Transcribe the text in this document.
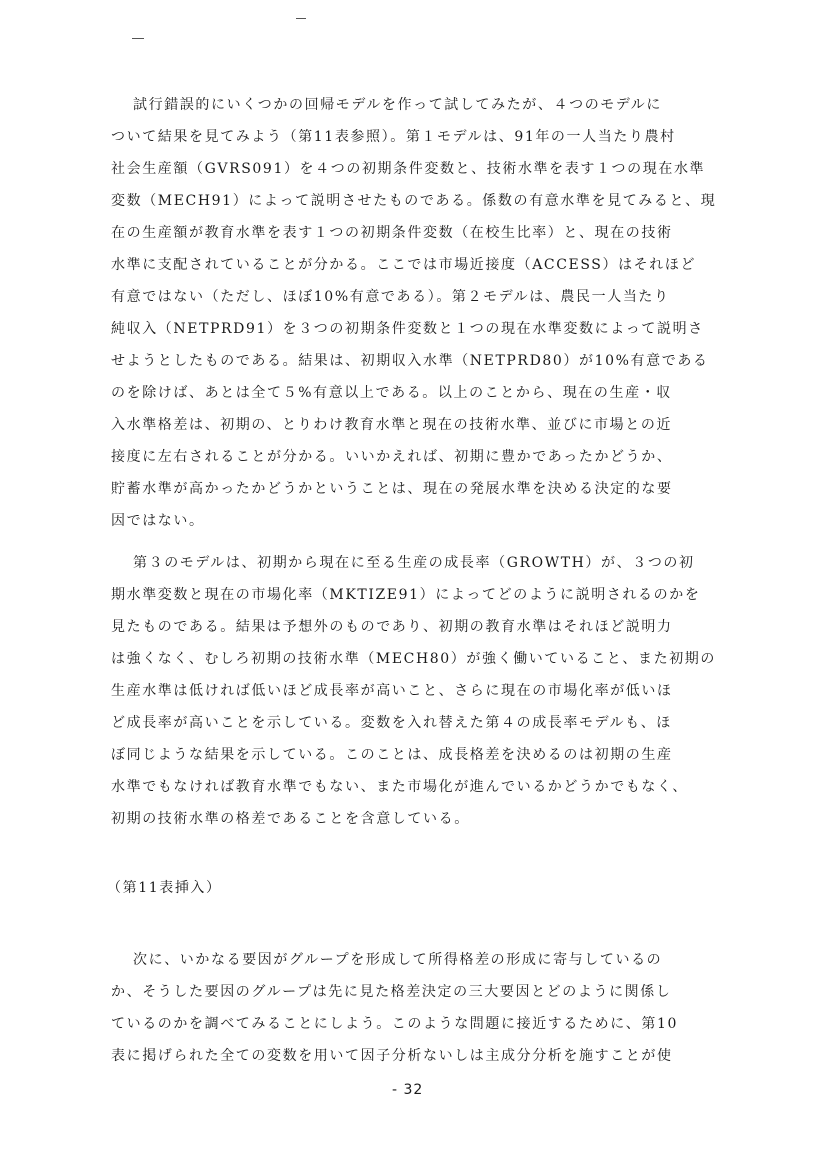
試行錯誤的にいくつかの回帰モデルを作って試してみたが、４つのモデルに

ついて結果を見てみよう（第11表参照）。第１モデルは、91年の一人当たり農村

社会生産額（GVRS091）を４つの初期条件変数と、技術水準を表す１つの現在水準

変数（MECH91）によって説明させたものである。係数の有意水準を見てみると、現

在の生産額が教育水準を表す１つの初期条件変数（在校生比率）と、現在の技術

水準に支配されていることが分かる。ここでは市場近接度（ACCESS）はそれほど

有意ではない（ただし、ほぼ10%有意である）。第２モデルは、農民一人当たり

純収入（NETPRD91）を３つの初期条件変数と１つの現在水準変数によって説明さ

せようとしたものである。結果は、初期収入水準（NETPRD80）が10%有意である

のを除けば、あとは全て５%有意以上である。以上のことから、現在の生産・収

入水準格差は、初期の、とりわけ教育水準と現在の技術水準、並びに市場との近

接度に左右されることが分かる。いいかえれば、初期に豊かであったかどうか、

貯蓄水準が高かったかどうかということは、現在の発展水準を決める決定的な要

因ではない。

第３のモデルは、初期から現在に至る生産の成長率（GROWTH）が、３つの初

期水準変数と現在の市場化率（MKTIZE91）によってどのように説明されるのかを

見たものである。結果は予想外のものであり、初期の教育水準はそれほど説明力

は強くなく、むしろ初期の技術水準（MECH80）が強く働いていること、また初期の

生産水準は低ければ低いほど成長率が高いこと、さらに現在の市場化率が低いほ

ど成長率が高いことを示している。変数を入れ替えた第４の成長率モデルも、ほ

ぼ同じような結果を示している。このことは、成長格差を決めるのは初期の生産

水準でもなければ教育水準でもない、また市場化が進んでいるかどうかでもなく、

初期の技術水準の格差であることを含意している。

（第11表挿入）

次に、いかなる要因がグループを形成して所得格差の形成に寄与しているの

か、そうした要因のグループは先に見た格差決定の三大要因とどのように関係し

ているのかを調べてみることにしよう。このような問題に接近するために、第10

表に掲げられた全ての変数を用いて因子分析ないしは主成分分析を施すことが使

- 32
